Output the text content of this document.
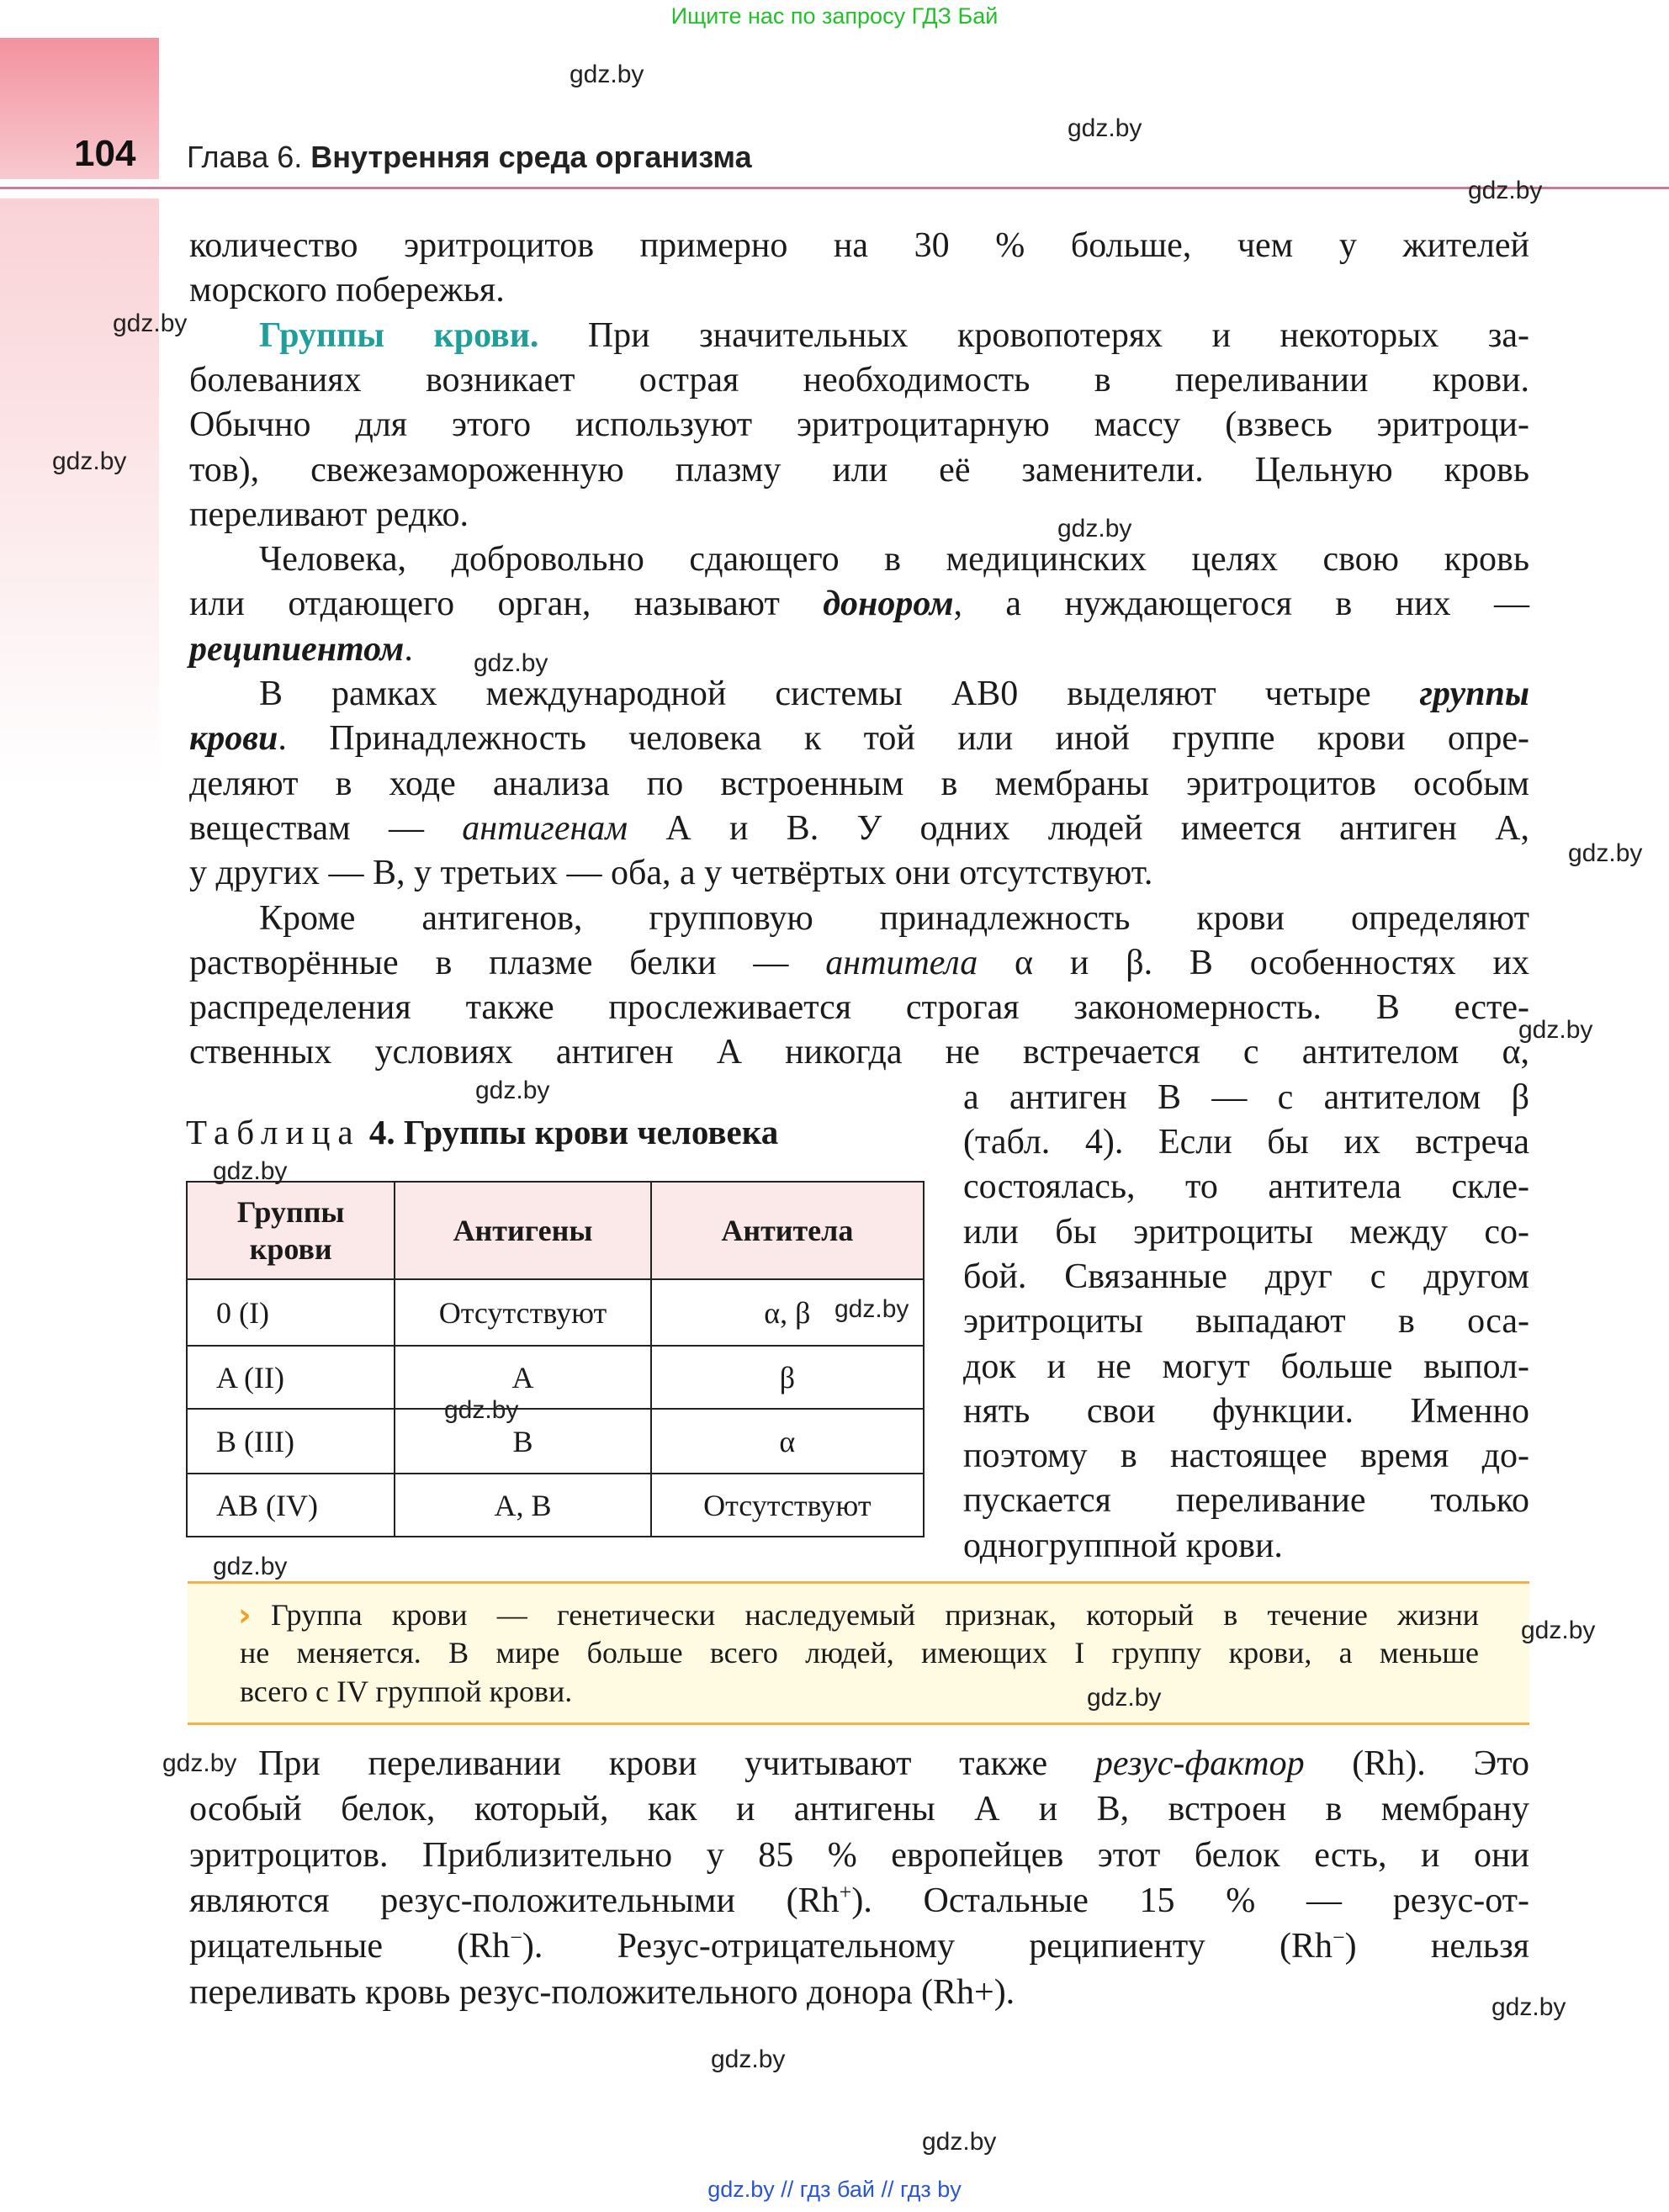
Ищите нас по запросу ГДЗ Бай
104 Глава 6. Внутренняя среда организма
количество эритроцитов примерно на 30 % больше, чем у жителей
морского побережья.
Группы крови. При значительных кровопотерях и некоторых за-
болеваниях возникает острая необходимость в переливании крови.
Обычно для этого используют эритроцитарную массу (взвесь эритроци-
тов), свежезамороженную плазму или её заменители. Цельную кровь
переливают редко.
Человека, добровольно сдающего в медицинских целях свою кровь
или отдающего орган, называют донором, а нуждающегося в них —
реципиентом.
В рамках международной системы АВ0 выделяют четыре группы
крови. Принадлежность человека к той или иной группе крови опре-
деляют в ходе анализа по встроенным в мембраны эритроцитов особым
веществам — антигенам А и В. У одних людей имеется антиген А,
у других — В, у третьих — оба, а у четвёртых они отсутствуют.
Кроме антигенов, групповую принадлежность крови определяют
растворённые в плазме белки — антитела α и β. В особенностях их
распределения также прослеживается строгая закономерность. В есте-
ственных условиях антиген А никогда не встречается с антителом α,
а антиген В — с антителом β
(табл. 4). Если бы их встреча
состоялась, то антитела скле-
или бы эритроциты между со-
бой. Связанные друг с другом
эритроциты выпадают в оса-
док и не могут больше выпол-
нять свои функции. Именно
поэтому в настоящее время до-
пускается переливание только
одногруппной крови.
Таблица 4. Группы крови человека
Группы крови	Антигены	Антитела
0 (I)	Отсутствуют	α, β
A (II)	A	β
B (III)	B	α
AB (IV)	A, B	Отсутствуют
› Группа крови — генетически наследуемый признак, который в течение жизни
не меняется. В мире больше всего людей, имеющих I группу крови, а меньше
всего с IV группой крови.
При переливании крови учитывают также резус-фактор (Rh). Это
особый белок, который, как и антигены А и В, встроен в мембрану
эритроцитов. Приблизительно у 85 % европейцев этот белок есть, и они
являются резус-положительными (Rh+). Остальные 15 % — резус-от-
рицательные (Rh−). Резус-отрицательному реципиенту (Rh−) нельзя
переливать кровь резус-положительного донора (Rh+).
gdz.by
gdz.by
gdz.by
gdz.by
gdz.by
gdz.by
gdz.by
gdz.by
gdz.by
gdz.by
gdz.by
gdz.by
gdz.by
gdz.by
gdz.by
gdz.by
gdz.by
gdz.by
gdz.by
gdz.by
gdz.by // гдз бай // гдз by
